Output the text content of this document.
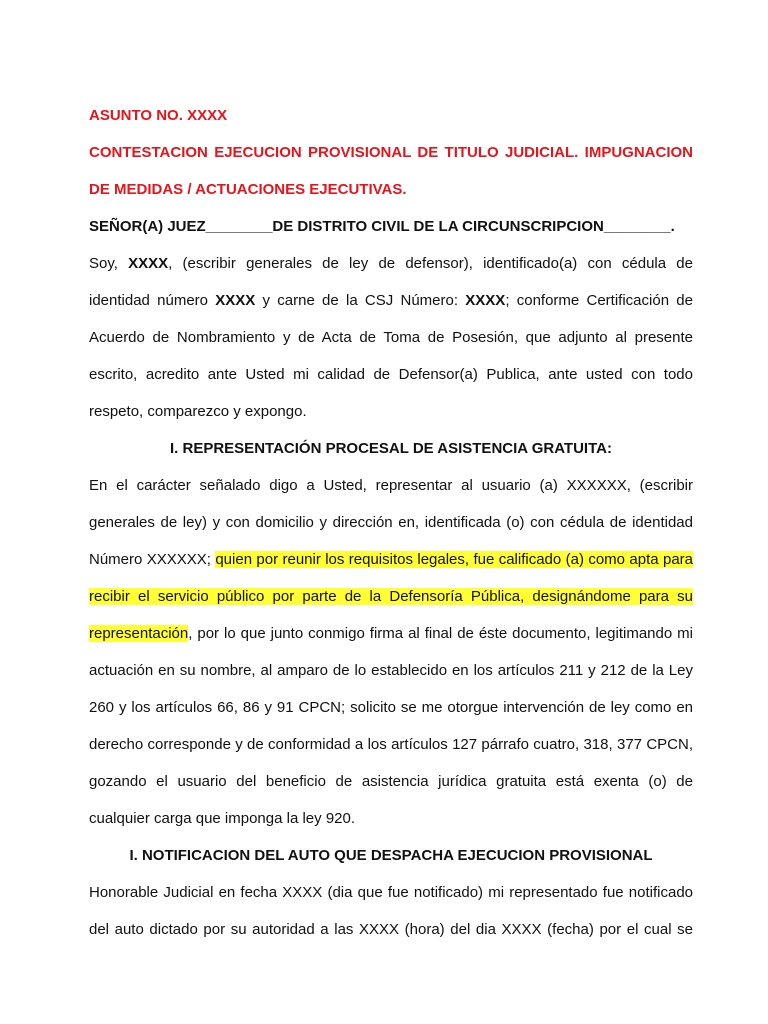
ASUNTO NO. XXXX

CONTESTACION EJECUCION PROVISIONAL DE TITULO JUDICIAL. IMPUGNACION
DE MEDIDAS / ACTUACIONES EJECUTIVAS.

SEÑOR(A) JUEZ________DE DISTRITO CIVIL DE LA CIRCUNSCRIPCION________.

Soy, XXXX, (escribir generales de ley de defensor), identificado(a) con cédula de
identidad número XXXX y carne de la CSJ Número: XXXX; conforme Certificación de
Acuerdo de Nombramiento y de Acta de Toma de Posesión, que adjunto al presente
escrito, acredito ante Usted mi calidad de Defensor(a) Publica, ante usted con todo
respeto, comparezco y expongo.

I. REPRESENTACIÓN PROCESAL DE ASISTENCIA GRATUITA:

En el carácter señalado digo a Usted, representar al usuario (a) XXXXXX, (escribir
generales de ley) y con domicilio y dirección en, identificada (o) con cédula de identidad
Número XXXXXX; quien por reunir los requisitos legales, fue calificado (a) como apta para
recibir el servicio público por parte de la Defensoría Pública, designándome para su
representación, por lo que junto conmigo firma al final de éste documento, legitimando mi
actuación en su nombre, al amparo de lo establecido en los artículos 211 y 212 de la Ley
260 y los artículos 66, 86 y 91 CPCN; solicito se me otorgue intervención de ley como en
derecho corresponde y de conformidad a los artículos 127 párrafo cuatro, 318, 377 CPCN,
gozando el usuario del beneficio de asistencia jurídica gratuita está exenta (o) de
cualquier carga que imponga la ley 920.

I. NOTIFICACION DEL AUTO QUE DESPACHA EJECUCION PROVISIONAL

Honorable Judicial en fecha XXXX (dia que fue notificado) mi representado fue notificado
del auto dictado por su autoridad a las XXXX (hora) del dia XXXX (fecha) por el cual se
